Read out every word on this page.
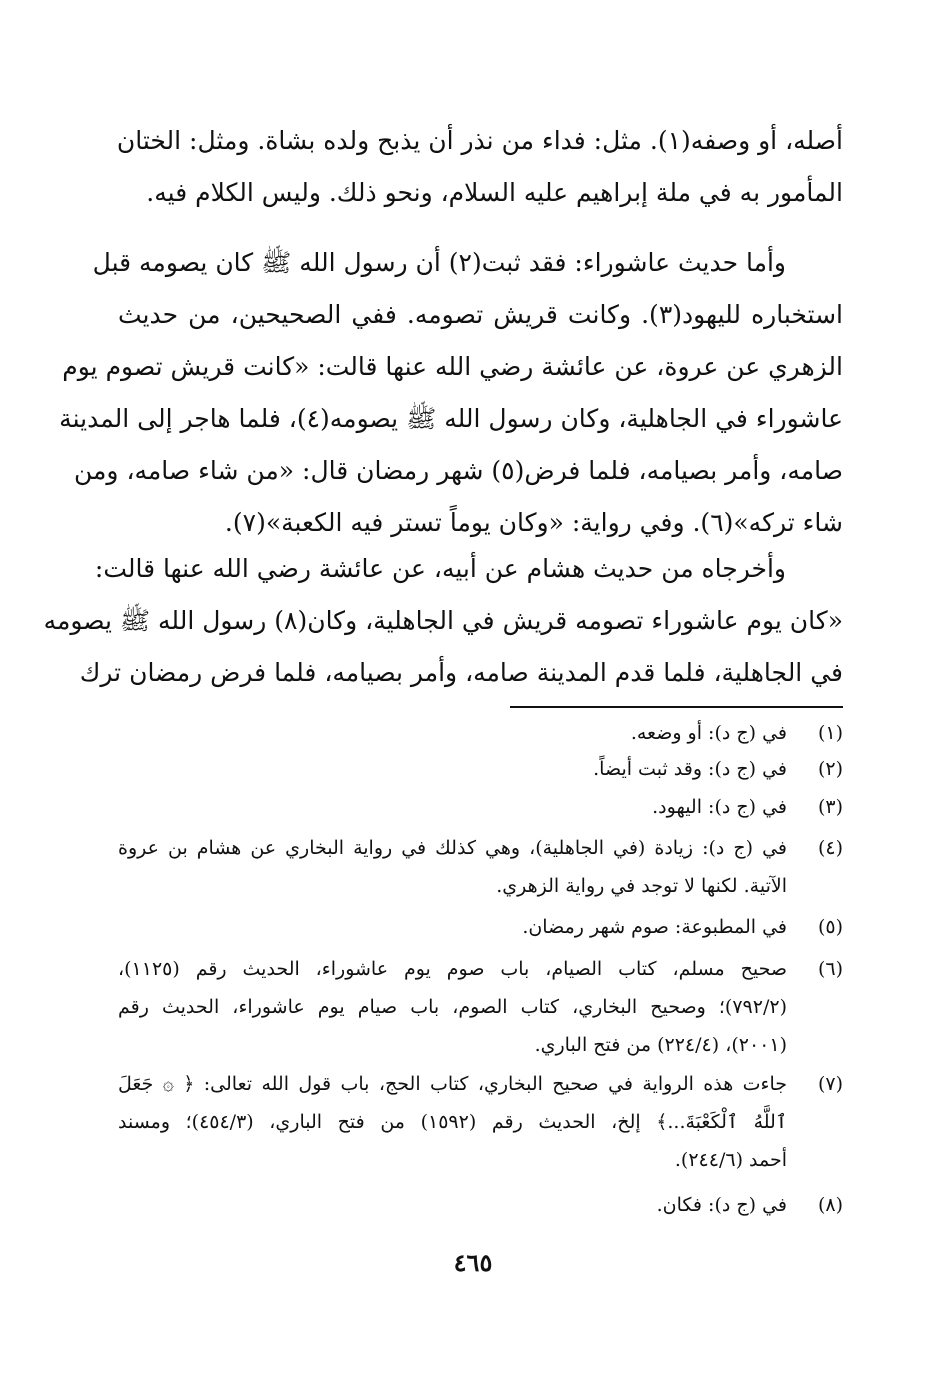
أصله، أو وصفه(١). مثل: فداء من نذر أن يذبح ولده بشاة. ومثل: الختان
المأمور به في ملة إبراهيم عليه السلام، ونحو ذلك. وليس الكلام فيه.
وأما حديث عاشوراء: فقد ثبت(٢) أن رسول الله ﷺ كان يصومه قبل
استخباره لليهود(٣). وكانت قريش تصومه. ففي الصحيحين، من حديث
الزهري عن عروة، عن عائشة رضي الله عنها قالت: «كانت قريش تصوم يوم
عاشوراء في الجاهلية، وكان رسول الله ﷺ يصومه(٤)، فلما هاجر إلى المدينة
صامه، وأمر بصيامه، فلما فرض(٥) شهر رمضان قال: «من شاء صامه، ومن
شاء تركه»(٦). وفي رواية: «وكان يوماً تستر فيه الكعبة»(٧).
وأخرجاه من حديث هشام عن أبيه، عن عائشة رضي الله عنها قالت:
«كان يوم عاشوراء تصومه قريش في الجاهلية، وكان(٨) رسول الله ﷺ يصومه
في الجاهلية، فلما قدم المدينة صامه، وأمر بصيامه، فلما فرض رمضان ترك
(١)
في (ج د): أو وضعه.
(٢)
في (ج د): وقد ثبت أيضاً.
(٣)
في (ج د): اليهود.
(٤)
في (ج د): زيادة (في الجاهلية)، وهي كذلك في رواية البخاري عن هشام بن عروة
الآتية. لكنها لا توجد في رواية الزهري.
(٥)
في المطبوعة: صوم شهر رمضان.
(٦)
صحيح مسلم، كتاب الصيام، باب صوم يوم عاشوراء، الحديث رقم (١١٢٥)،
(٧٩٢/٢)؛ وصحيح البخاري، كتاب الصوم، باب صيام يوم عاشوراء، الحديث رقم
(٢٠٠١)، (٢٢٤/٤) من فتح الباري.
(٧)
جاءت هذه الرواية في صحيح البخاري، كتاب الحج، باب قول الله تعالى: ﴿ ۞ جَعَلَ
ٱللَّهُ ٱلْكَعْبَةَ...﴾ إلخ، الحديث رقم (١٥٩٢) من فتح الباري، (٤٥٤/٣)؛ ومسند
أحمد (٢٤٤/٦).
(٨)
في (ج د): فكان.
٤٦٥
